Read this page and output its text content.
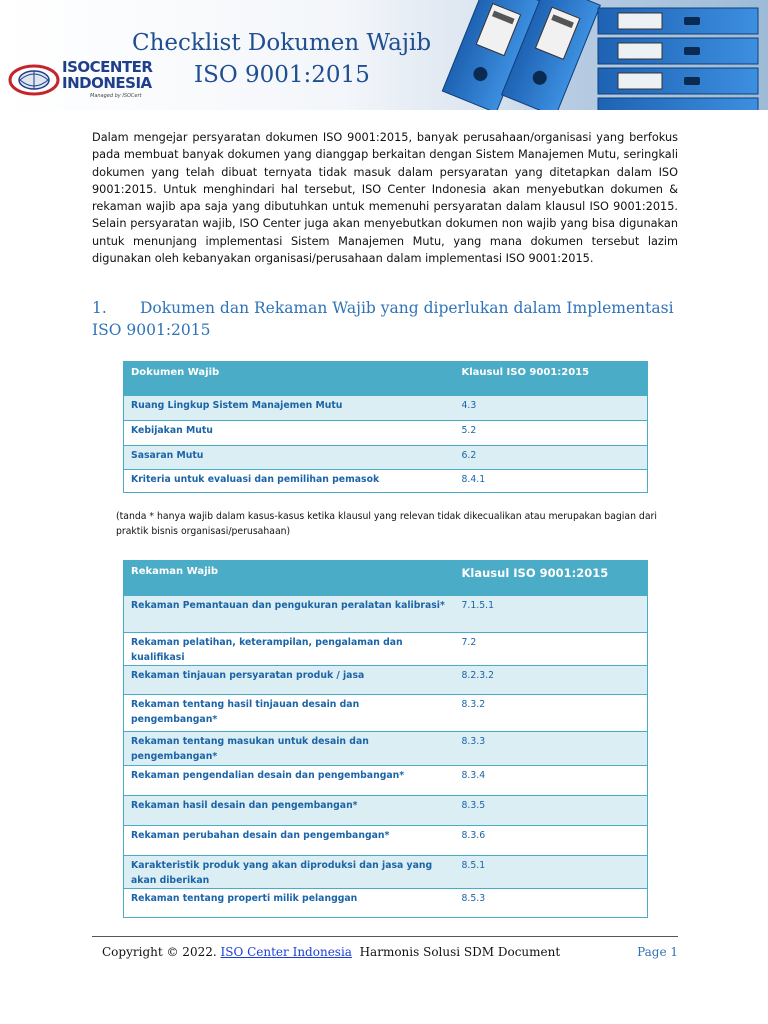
Checklist Dokumen Wajib
ISO 9001:2015
ISOCENTER
INDONESIA
Managed by ISOCert

Dalam mengejar persyaratan dokumen ISO 9001:2015, banyak perusahaan/organisasi yang berfokus pada membuat banyak dokumen yang dianggap berkaitan dengan Sistem Manajemen Mutu, seringkali dokumen yang telah dibuat ternyata tidak masuk dalam persyaratan yang ditetapkan dalam ISO 9001:2015. Untuk menghindari hal tersebut, ISO Center Indonesia akan menyebutkan dokumen & rekaman wajib apa saja yang dibutuhkan untuk memenuhi persyaratan dalam klausul ISO 9001:2015. Selain persyaratan wajib, ISO Center juga akan menyebutkan dokumen non wajib yang bisa digunakan untuk menunjang implementasi Sistem Manajemen Mutu, yang mana dokumen tersebut lazim digunakan oleh kebanyakan organisasi/perusahaan dalam implementasi ISO 9001:2015.

1. Dokumen dan Rekaman Wajib yang diperlukan dalam Implementasi ISO 9001:2015
Dokumen Wajib	Klausul ISO 9001:2015
Ruang Lingkup Sistem Manajemen Mutu	4.3
Kebijakan Mutu	5.2
Sasaran Mutu	6.2
Kriteria untuk evaluasi dan pemilihan pemasok	8.4.1

(tanda * hanya wajib dalam kasus-kasus ketika klausul yang relevan tidak dikecualikan atau merupakan bagian dari praktik bisnis organisasi/perusahaan)

Rekaman Wajib	Klausul ISO 9001:2015
Rekaman Pemantauan dan pengukuran peralatan kalibrasi*	7.1.5.1
Rekaman pelatihan, keterampilan, pengalaman dan kualifikasi	7.2
Rekaman tinjauan persyaratan produk / jasa	8.2.3.2
Rekaman tentang hasil tinjauan desain dan pengembangan*	8.3.2
Rekaman tentang masukan untuk desain dan pengembangan*	8.3.3
Rekaman pengendalian desain dan pengembangan*	8.3.4
Rekaman hasil desain dan pengembangan*	8.3.5
Rekaman perubahan desain dan pengembangan*	8.3.6
Karakteristik produk yang akan diproduksi dan jasa yang akan diberikan	8.5.1
Rekaman tentang properti milik pelanggan	8.5.3
Copyright © 2022. ISO Center Indonesia Harmonis Solusi SDM Document	Page 1
